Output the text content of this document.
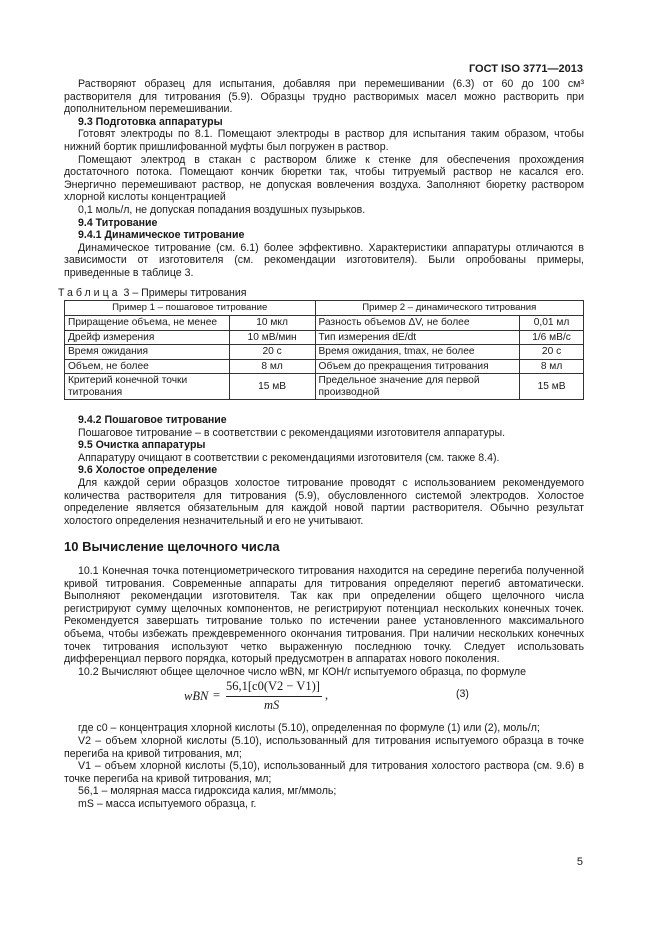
ГОСТ ISO 3771—2013

Растворяют образец для испытания, добавляя при перемешивании (6.3) от 60 до 100 см³ растворителя для титрования (5.9). Образцы трудно растворимых масел можно растворить при дополнительном перемешивании.

9.3 Подготовка аппаратуры

Готовят электроды по 8.1. Помещают электроды в раствор для испытания таким образом, чтобы нижний бортик пришлифованной муфты был погружен в раствор.

Помещают электрод в стакан с раствором ближе к стенке для обеспечения прохождения достаточного потока. Помещают кончик бюретки так, чтобы титруемый раствор не касался его. Энергично перемешивают раствор, не допуская вовлечения воздуха. Заполняют бюретку раствором хлорной кислоты концентрацией

0,1 моль/л, не допуская попадания воздушных пузырьков.

9.4 Титрование

9.4.1 Динамическое титрование

Динамическое титрование (см. 6.1) более эффективно. Характеристики аппаратуры отличаются в зависимости от изготовителя (см. рекомендации изготовителя). Были опробованы примеры, приведенные в таблице 3.

Таблица 3 – Примеры титрования

Пример 1 – пошаговое титрование		Пример 2 – динамического титрования	
Приращение объема, не менее	10 мкл	Разность объемов ΔV, не более	0,01 мл
Дрейф измерения	10 мВ/мин	Тип измерения dE/dt	1/6 мВ/с
Время ожидания	20 с	Время ожидания, tmax, не более	20 с
Объем, не более	8 мл	Объем до прекращения титрования	8 мл
Критерий конечной точки титрования	15 мВ	Предельное значение для первой производной	15 мВ

9.4.2 Пошаговое титрование

Пошаговое титрование – в соответствии с рекомендациями изготовителя аппаратуры.

9.5 Очистка аппаратуры

Аппаратуру очищают в соответствии с рекомендациями изготовителя (см. также 8.4).

9.6 Холостое определение

Для каждой серии образцов холостое титрование проводят с использованием рекомендуемого количества растворителя для титрования (5.9), обусловленного системой электродов. Холостое определение является обязательным для каждой новой партии растворителя. Обычно результат холостого определения незначительный и его не учитывают.

10 Вычисление щелочного числа

10.1 Конечная точка потенциометрического титрования находится на середине перегиба полученной кривой титрования. Современные аппараты для титрования определяют перегиб автоматически. Выполняют рекомендации изготовителя. Так как при определении общего щелочного числа регистрируют сумму щелочных компонентов, не регистрируют потенциал нескольких конечных точек. Рекомендуется завершать титрование только по истечении ранее установленного максимального объема, чтобы избежать преждевременного окончания титрования. При наличии нескольких конечных точек титрования используют четко выраженную последнюю точку. Следует использовать дифференциал первого порядка, который предусмотрен в аппаратах нового поколения.

10.2 Вычисляют общее щелочное число wBN, мг КОН/г испытуемого образца, по формуле

wBN =
56,1[c0(V2 − V1)]
mS
,	(3)

где c0 – концентрация хлорной кислоты (5.10), определенная по формуле (1) или (2), моль/л;

V2 – объем хлорной кислоты (5.10), использованный для титрования испытуемого образца в точке перегиба на кривой титрования, мл;

V1 – объем хлорной кислоты (5,10), использованный для титрования холостого раствора (см. 9.6) в точке перегиба на кривой титрования, мл;

56,1 – молярная масса гидроксида калия, мг/ммоль;

mS – масса испытуемого образца, г.

5
